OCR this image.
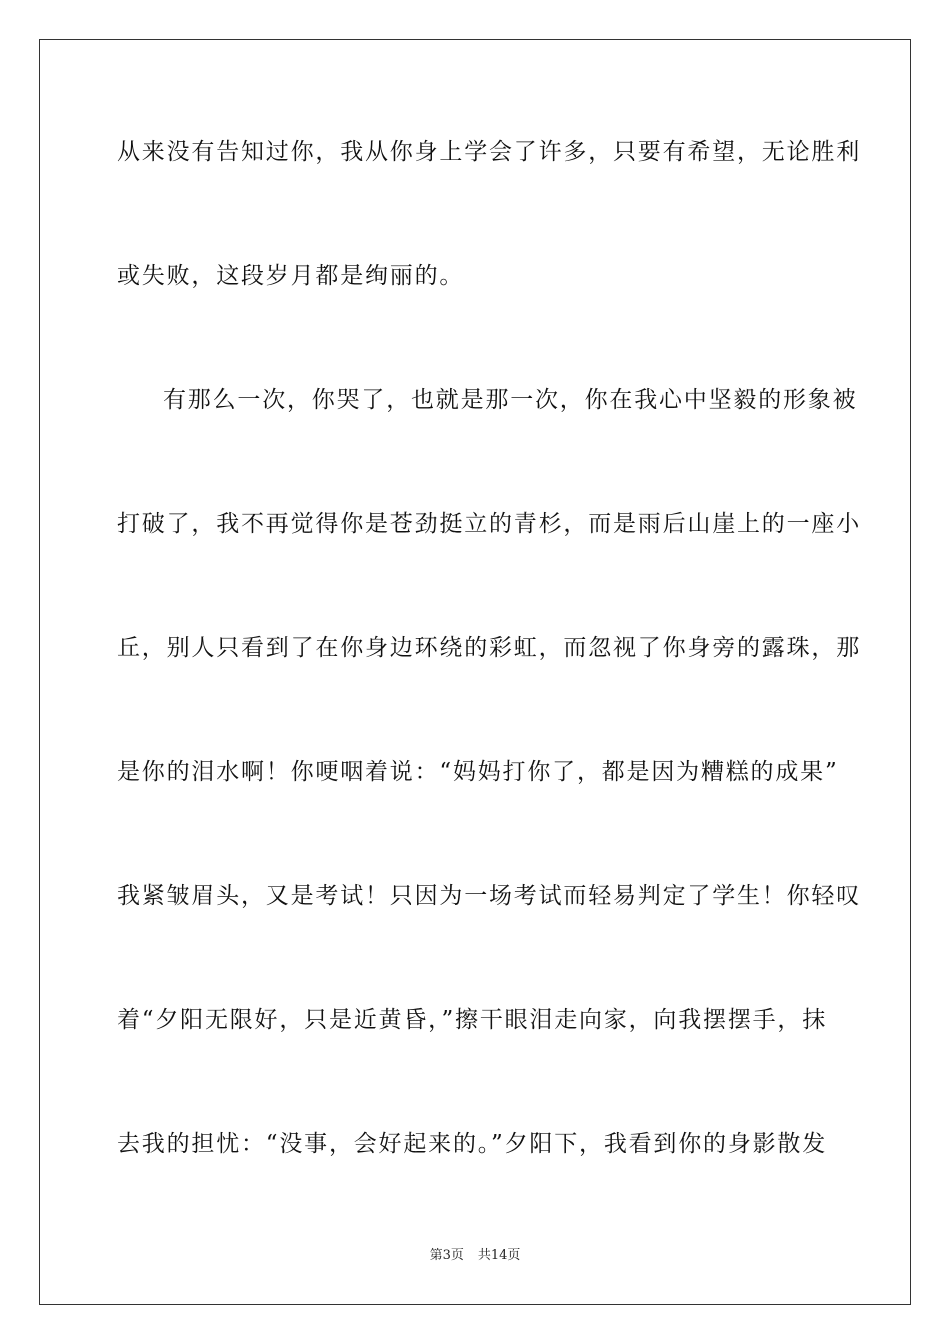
从来没有告知过你，我从你身上学会了许多，只要有希望，无论胜利
或失败，这段岁月都是绚丽的。
有那么一次，你哭了，也就是那一次，你在我心中坚毅的形象被
打破了，我不再觉得你是苍劲挺立的青杉，而是雨后山崖上的一座小
丘，别人只看到了在你身边环绕的彩虹，而忽视了你身旁的露珠，那
是你的泪水啊！你哽咽着说：“妈妈打你了，都是因为糟糕的成果”
我紧皱眉头，又是考试！只因为一场考试而轻易判定了学生！你轻叹
着“夕阳无限好，只是近黄昏，”擦干眼泪走向家，向我摆摆手，抹
去我的担忧：“没事，会好起来的。”夕阳下，我看到你的身影散发
第3页 共14页
